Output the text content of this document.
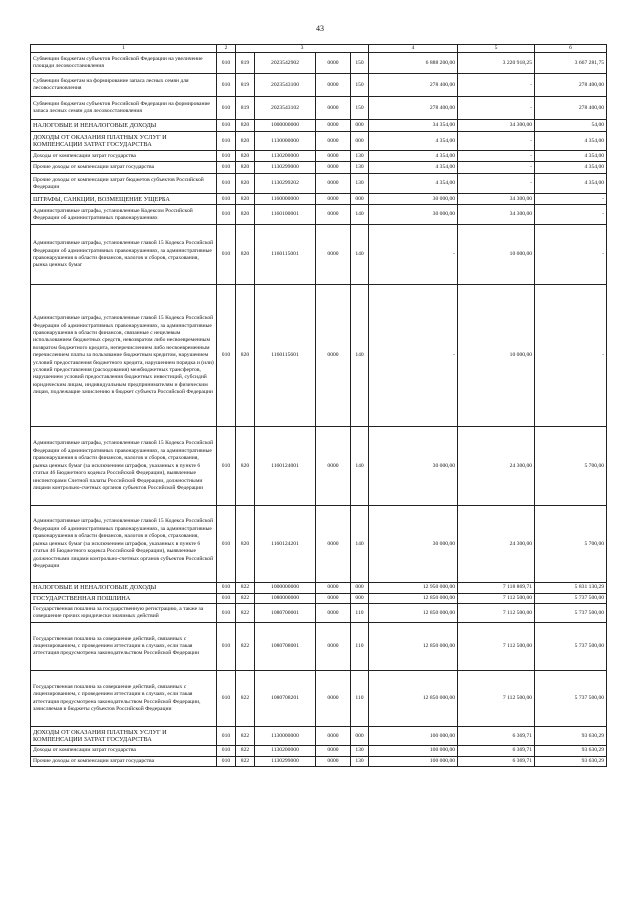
43
1	2	3				4	5	6
Субвенции бюджетам субъектов Российской Федерации на увеличение площади лесовосстановления	010	819	2023542902	0000	150	6 888 200,00	3 220 918,25	3 667 281,75
Субвенции бюджетам на формирование запаса лесных семян для лесовосстановления	010	819	2023543100	0000	150	278 400,00	-	278 400,00
Субвенции бюджетам субъектов Российской Федерации на формирование запаса лесных семян для лесовосстановления	010	819	2023543102	0000	150	278 400,00	-	278 400,00
НАЛОГОВЫЕ И НЕНАЛОГОВЫЕ ДОХОДЫ	010	820	1000000000	0000	000	34 354,00	34 300,00	54,00
ДОХОДЫ ОТ ОКАЗАНИЯ ПЛАТНЫХ УСЛУГ И КОМПЕНСАЦИИ ЗАТРАТ ГОСУДАРСТВА	010	820	1130000000	0000	000	4 354,00	-	4 354,00
Доходы от компенсации затрат государства	010	820	1130200000	0000	130	4 354,00	-	4 354,00
Прочие доходы от компенсации затрат государства	010	820	1130299000	0000	130	4 354,00	-	4 354,00
Прочие доходы от компенсации затрат бюджетов субъектов Российской Федерации	010	820	1130299202	0000	130	4 354,00	-	4 354,00
ШТРАФЫ, САНКЦИИ, ВОЗМЕЩЕНИЕ УЩЕРБА	010	820	1160000000	0000	000	30 000,00	34 300,00	-
Административные штрафы, установленные Кодексом Российской Федерации об административных правонарушениях	010	820	1160100001	0000	140	30 000,00	34 300,00	-
Административные штрафы, установленные главой 15 Кодекса Российской Федерации об административных правонарушениях, за административные правонарушения в области финансов, налогов и сборов, страхования, рынка ценных бумаг	010	820	1160115001	0000	140	-	10 000,00	-
Административные штрафы, установленные главой 15 Кодекса Российской Федерации об административных правонарушениях, за административные правонарушения в области финансов, связанные с нецелевым использованием бюджетных средств, невозвратом либо несвоевременным возвратом бюджетного кредита, неперечислением либо несвоевременным перечислением платы за пользование бюджетным кредитом, нарушением условий предоставления бюджетного кредита, нарушением порядка и (или) условий предоставления (расходования) межбюджетных трансфертов, нарушением условий предоставления бюджетных инвестиций, субсидий юридическим лицам, индивидуальным предпринимателям и физическим лицам, подлежащие зачислению в бюджет субъекта Российской Федерации	010	820	1160115601	0000	140	-	10 000,00	-
Административные штрафы, установленные главой 15 Кодекса Российской Федерации об административных правонарушениях, за административные правонарушения в области финансов, налогов и сборов, страхования, рынка ценных бумаг (за исключением штрафов, указанных в пункте 6 статьи 46 Бюджетного кодекса Российской Федерации), выявленные инспекторами Счетной палаты Российской Федерации, должностными лицами контрольно-счетных органов субъектов Российской Федерации	010	820	1160124001	0000	140	30 000,00	24 300,00	5 700,00
Административные штрафы, установленные главой 15 Кодекса Российской Федерации об административных правонарушениях, за административные правонарушения в области финансов, налогов и сборов, страхования, рынка ценных бумаг (за исключением штрафов, указанных в пункте 6 статьи 46 Бюджетного кодекса Российской Федерации), выявленные должностными лицами контрольно-счетных органов субъектов Российской Федерации	010	820	1160124201	0000	140	30 000,00	24 300,00	5 700,00
НАЛОГОВЫЕ И НЕНАЛОГОВЫЕ ДОХОДЫ	010	822	1000000000	0000	000	12 950 000,00	7 118 869,71	5 831 130,29
ГОСУДАРСТВЕННАЯ ПОШЛИНА	010	822	1080000000	0000	000	12 850 000,00	7 112 500,00	5 737 500,00
Государственная пошлина за государственную регистрацию, а также за совершение прочих юридически значимых действий	010	822	1080700001	0000	110	12 850 000,00	7 112 500,00	5 737 500,00
Государственная пошлина за совершение действий, связанных с лицензированием, с проведением аттестации в случаях, если такая аттестация предусмотрена законодательством Российской Федерации	010	822	1080708001	0000	110	12 850 000,00	7 112 500,00	5 737 500,00
Государственная пошлина за совершение действий, связанных с лицензированием, с проведением аттестации в случаях, если такая аттестация предусмотрена законодательством Российской Федерации, зачисляемая в бюджеты субъектов Российской Федерации	010	822	1080708201	0000	110	12 850 000,00	7 112 500,00	5 737 500,00
ДОХОДЫ ОТ ОКАЗАНИЯ ПЛАТНЫХ УСЛУГ И КОМПЕНСАЦИИ ЗАТРАТ ГОСУДАРСТВА	010	822	1130000000	0000	000	100 000,00	6 369,71	93 630,29
Доходы от компенсации затрат государства	010	822	1130200000	0000	130	100 000,00	6 369,71	93 630,29
Прочие доходы от компенсации затрат государства	010	822	1130299000	0000	130	100 000,00	6 369,71	93 630,29
